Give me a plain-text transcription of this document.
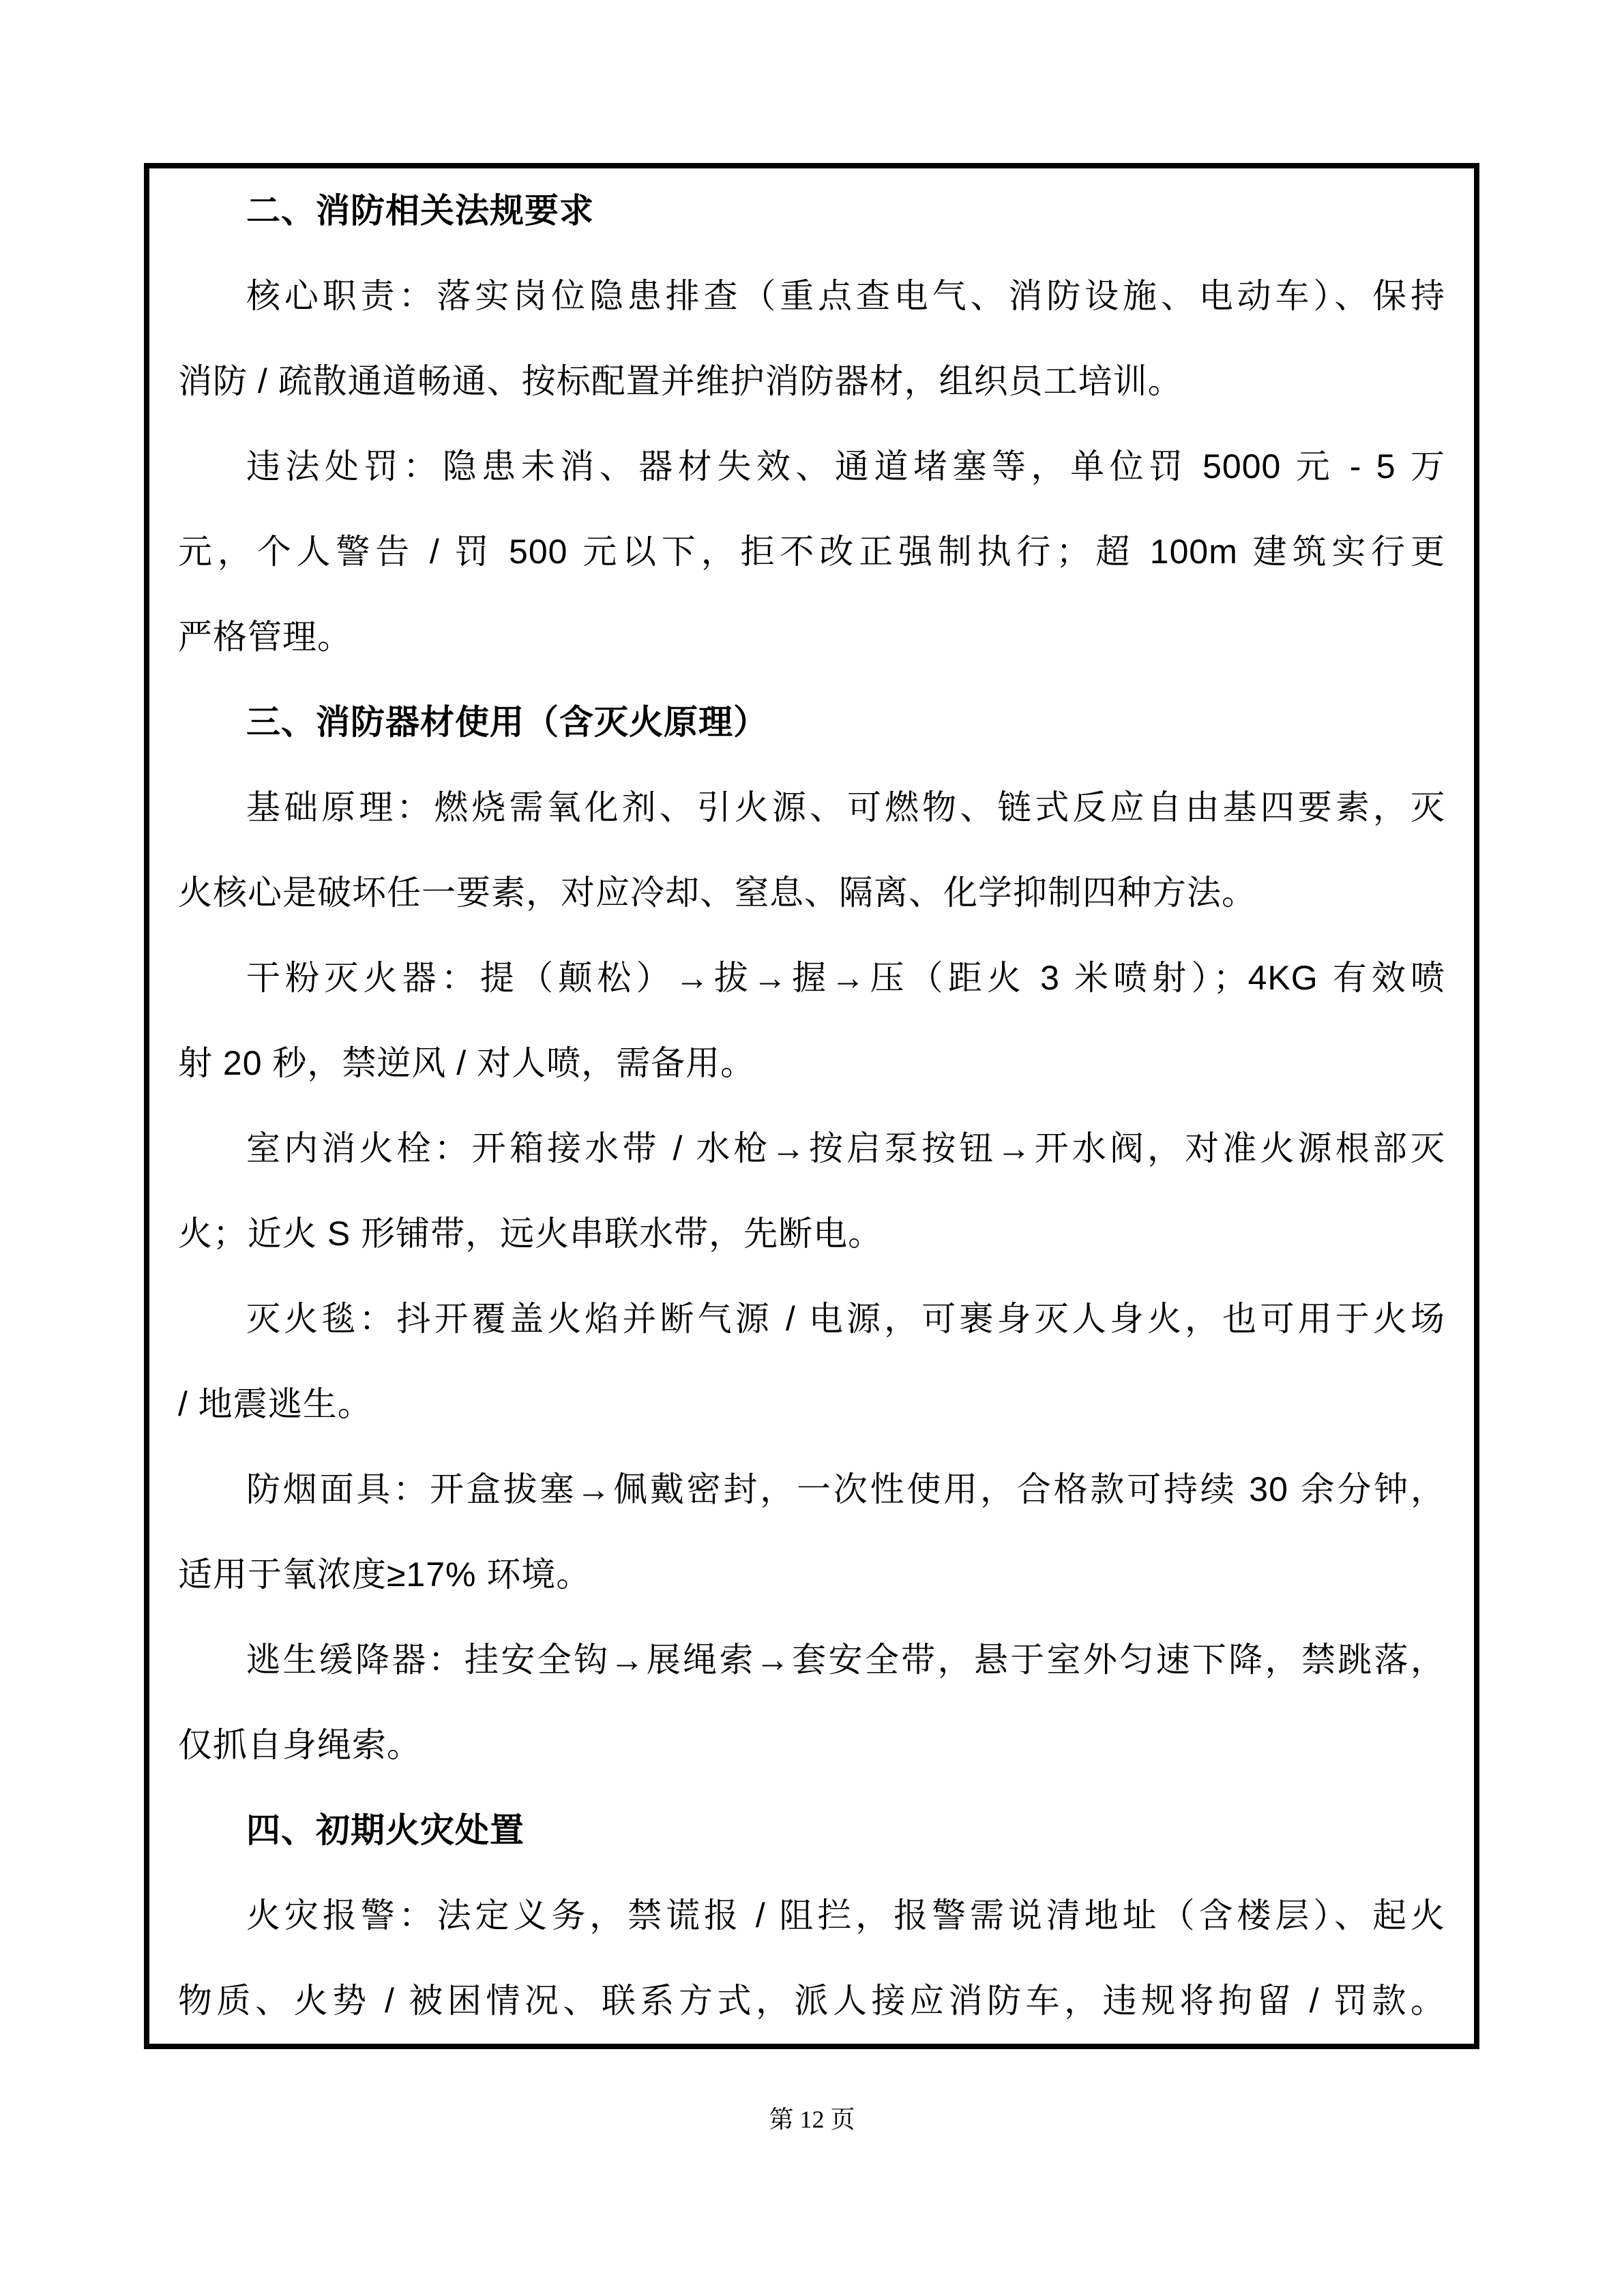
二、消防相关法规要求
核心职责：落实岗位隐患排查（重点查电气、消防设施、电动车）、保持
消防 / 疏散通道畅通、按标配置并维护消防器材，组织员工培训。
违法处罚：隐患未消、器材失效、通道堵塞等，单位罚 5000 元 - 5 万
元，个人警告 / 罚 500 元以下，拒不改正强制执行；超 100m 建筑实行更
严格管理。
三、消防器材使用（含灭火原理）
基础原理：燃烧需氧化剂、引火源、可燃物、链式反应自由基四要素，灭
火核心是破坏任一要素，对应冷却、窒息、隔离、化学抑制四种方法。
干粉灭火器：提（颠松）→拔→握→压（距火 3 米喷射）；4KG 有效喷
射 20 秒，禁逆风 / 对人喷，需备用。
室内消火栓：开箱接水带 / 水枪→按启泵按钮→开水阀，对准火源根部灭
火；近火 S 形铺带，远火串联水带，先断电。
灭火毯：抖开覆盖火焰并断气源 / 电源，可裹身灭人身火，也可用于火场
/ 地震逃生。
防烟面具：开盒拔塞→佩戴密封，一次性使用，合格款可持续 30 余分钟，
适用于氧浓度≥17% 环境。
逃生缓降器：挂安全钩→展绳索→套安全带，悬于室外匀速下降，禁跳落，
仅抓自身绳索。
四、初期火灾处置
火灾报警：法定义务，禁谎报 / 阻拦，报警需说清地址（含楼层）、起火
物质、火势 / 被困情况、联系方式，派人接应消防车，违规将拘留 / 罚款。
第 12 页
